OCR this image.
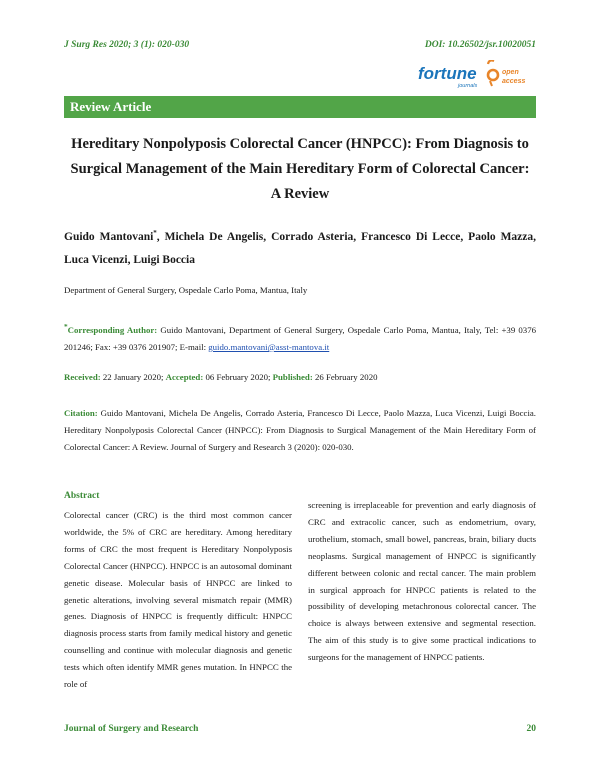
J Surg Res 2020; 3 (1): 020-030	DOI: 10.26502/jsr.10020051
fortune
journals
open
access
Review Article
Hereditary Nonpolyposis Colorectal Cancer (HNPCC): From Diagnosis to Surgical Management of the Main Hereditary Form of Colorectal Cancer: A Review
Guido Mantovani*, Michela De Angelis, Corrado Asteria, Francesco Di Lecce, Paolo Mazza, Luca Vicenzi, Luigi Boccia
Department of General Surgery, Ospedale Carlo Poma, Mantua, Italy
*Corresponding Author: Guido Mantovani, Department of General Surgery, Ospedale Carlo Poma, Mantua, Italy, Tel: +39 0376 201246; Fax: +39 0376 201907; E-mail: guido.mantovani@asst-mantova.it
Received: 22 January 2020; Accepted: 06 February 2020; Published: 26 February 2020
Citation: Guido Mantovani, Michela De Angelis, Corrado Asteria, Francesco Di Lecce, Paolo Mazza, Luca Vicenzi, Luigi Boccia. Hereditary Nonpolyposis Colorectal Cancer (HNPCC): From Diagnosis to Surgical Management of the Main Hereditary Form of Colorectal Cancer: A Review. Journal of Surgery and Research 3 (2020): 020-030.
Abstract
Colorectal cancer (CRC) is the third most common cancer worldwide, the 5% of CRC are hereditary. Among hereditary forms of CRC the most frequent is Hereditary Nonpolyposis Colorectal Cancer (HNPCC). HNPCC is an autosomal dominant genetic disease. Molecular basis of HNPCC are linked to genetic alterations, involving several mismatch repair (MMR) genes. Diagnosis of HNPCC is frequently difficult: HNPCC diagnosis process starts from family medical history and genetic counselling and continue with molecular diagnosis and genetic tests which often identify MMR genes mutation. In HNPCC the role of
screening is irreplaceable for prevention and early diagnosis of CRC and extracolic cancer, such as endometrium, ovary, urothelium, stomach, small bowel, pancreas, brain, biliary ducts neoplasms. Surgical management of HNPCC is significantly different between colonic and rectal cancer. The main problem in surgical approach for HNPCC patients is related to the possibility of developing metachronous colorectal cancer. The choice is always between extensive and segmental resection. The aim of this study is to give some practical indications to surgeons for the management of HNPCC patients.
Journal of Surgery and Research	20
